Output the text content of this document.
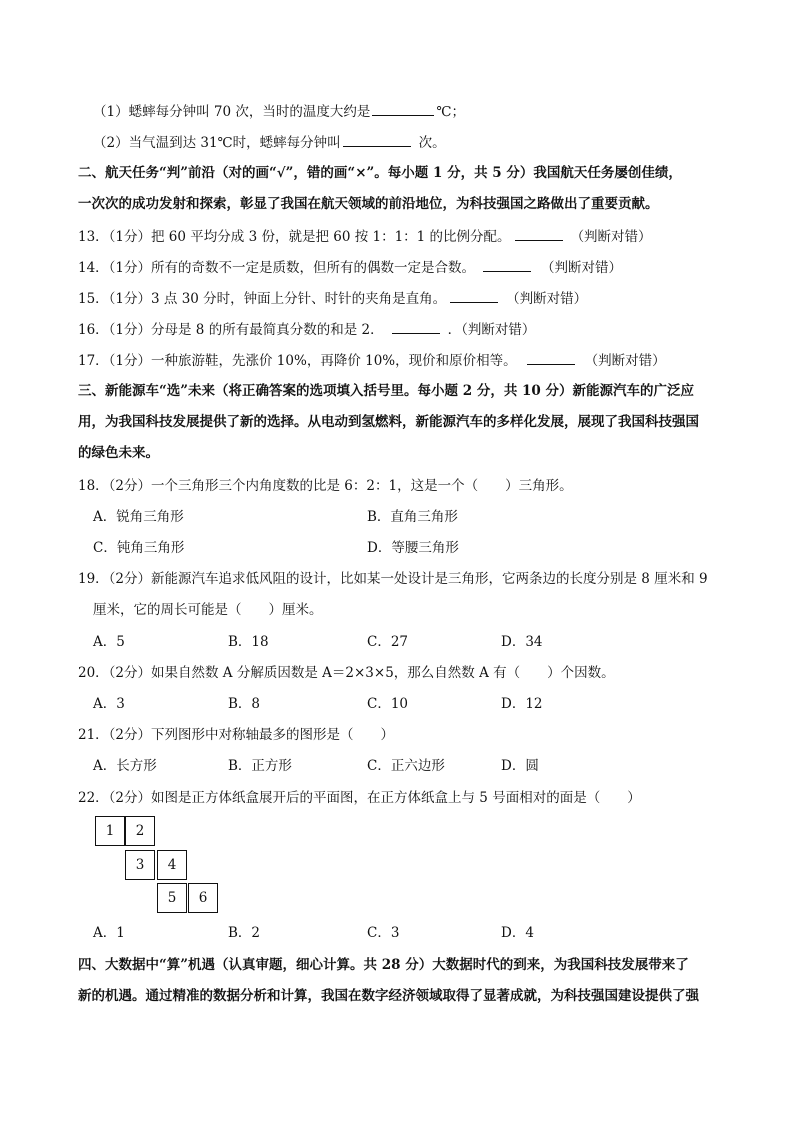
（1）蟋蟀每分钟叫 70 次，当时的温度大约是	℃；
（2）当气温到达 31℃时，蟋蟀每分钟叫	次。
二、航天任务“判”前沿（对的画“√”，错的画“×”。每小题 1 分，共 5 分）我国航天任务屡创佳绩，
一次次的成功发射和探索，彰显了我国在航天领域的前沿地位，为科技强国之路做出了重要贡献。
13．（1分）把 60 平均分成 3 份，就是把 60 按 1：1：1 的比例分配。	（判断对错）
14．（1分）所有的奇数不一定是质数，但所有的偶数一定是合数。	（判断对错）
15．（1分）3 点 30 分时，钟面上分针、时针的夹角是直角。	（判断对错）
16．（1分）分母是 8 的所有最简真分数的和是 2．	．（判断对错）
17．（1分）一种旅游鞋，先涨价 10%，再降价 10%，现价和原价相等。	（判断对错）
三、新能源车“选”未来（将正确答案的选项填入括号里。每小题 2 分，共 10 分）新能源汽车的广泛应
用，为我国科技发展提供了新的选择。从电动到氢燃料，新能源汽车的多样化发展，展现了我国科技强国
的绿色未来。
18．（2分）一个三角形三个内角度数的比是 6：2：1，这是一个（　　）三角形。
A．锐角三角形	B．直角三角形
C．钝角三角形	D．等腰三角形
19．（2分）新能源汽车追求低风阻的设计，比如某一处设计是三角形，它两条边的长度分别是 8 厘米和 9
厘米，它的周长可能是（　　）厘米。
A．5	B．18	C．27	D．34
20．（2分）如果自然数 A 分解质因数是 A＝2×3×5，那么自然数 A 有（　　）个因数。
A．3	B．8	C．10	D．12
21．（2分）下列图形中对称轴最多的图形是（　　）
A．长方形	B．正方形	C．正六边形	D．圆
22．（2分）如图是正方体纸盒展开后的平面图，在正方体纸盒上与 5 号面相对的面是（　　）
1	2
3	4
5	6
A．1	B．2	C．3	D．4
四、大数据中“算”机遇（认真审题，细心计算。共 28 分）大数据时代的到来，为我国科技发展带来了
新的机遇。通过精准的数据分析和计算，我国在数字经济领域取得了显著成就，为科技强国建设提供了强
